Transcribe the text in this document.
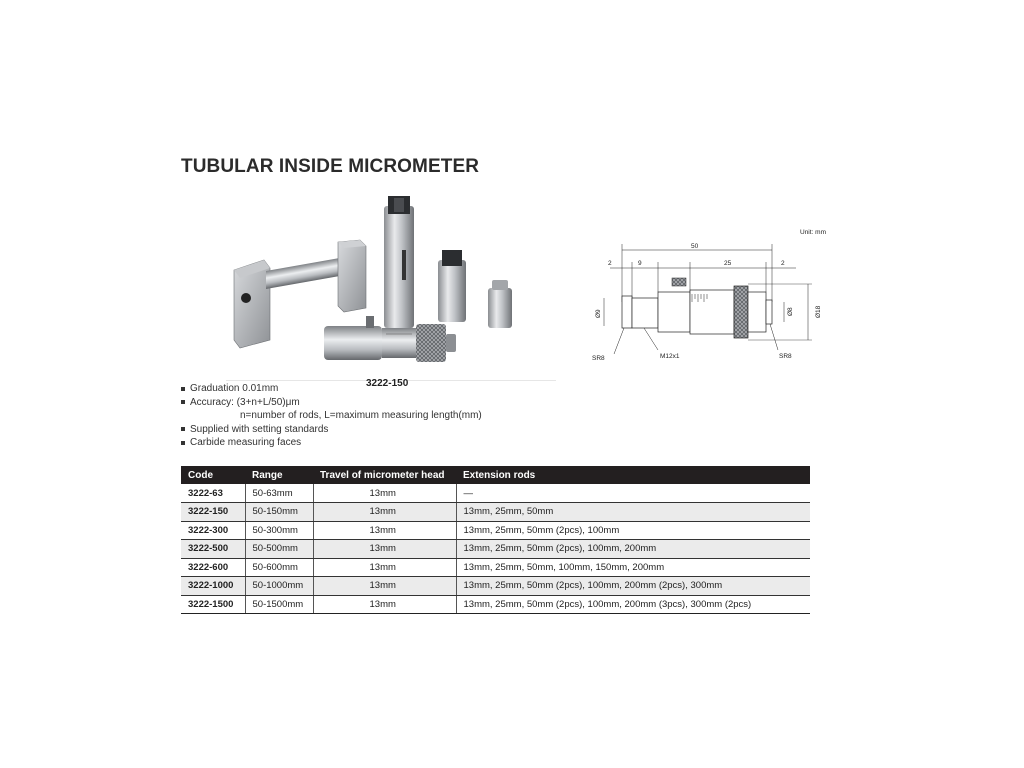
TUBULAR INSIDE MICROMETER
3222-150
Unit: mm
50
2	9	25	2
Ø8	Ø18
Ø9
SR8	M12x1	SR8
Graduation 0.01mm
Accuracy: (3+n+L/50)μm
n=number of rods, L=maximum measuring length(mm)
Supplied with setting standards
Carbide measuring faces
Code	Range	Travel of micrometer head	Extension rods
3222-63	50-63mm	13mm	—
3222-150	50-150mm	13mm	13mm, 25mm, 50mm
3222-300	50-300mm	13mm	13mm, 25mm, 50mm (2pcs), 100mm
3222-500	50-500mm	13mm	13mm, 25mm, 50mm (2pcs), 100mm, 200mm
3222-600	50-600mm	13mm	13mm, 25mm, 50mm, 100mm, 150mm, 200mm
3222-1000	50-1000mm	13mm	13mm, 25mm, 50mm (2pcs), 100mm, 200mm (2pcs), 300mm
3222-1500	50-1500mm	13mm	13mm, 25mm, 50mm (2pcs), 100mm, 200mm (3pcs), 300mm (2pcs)
